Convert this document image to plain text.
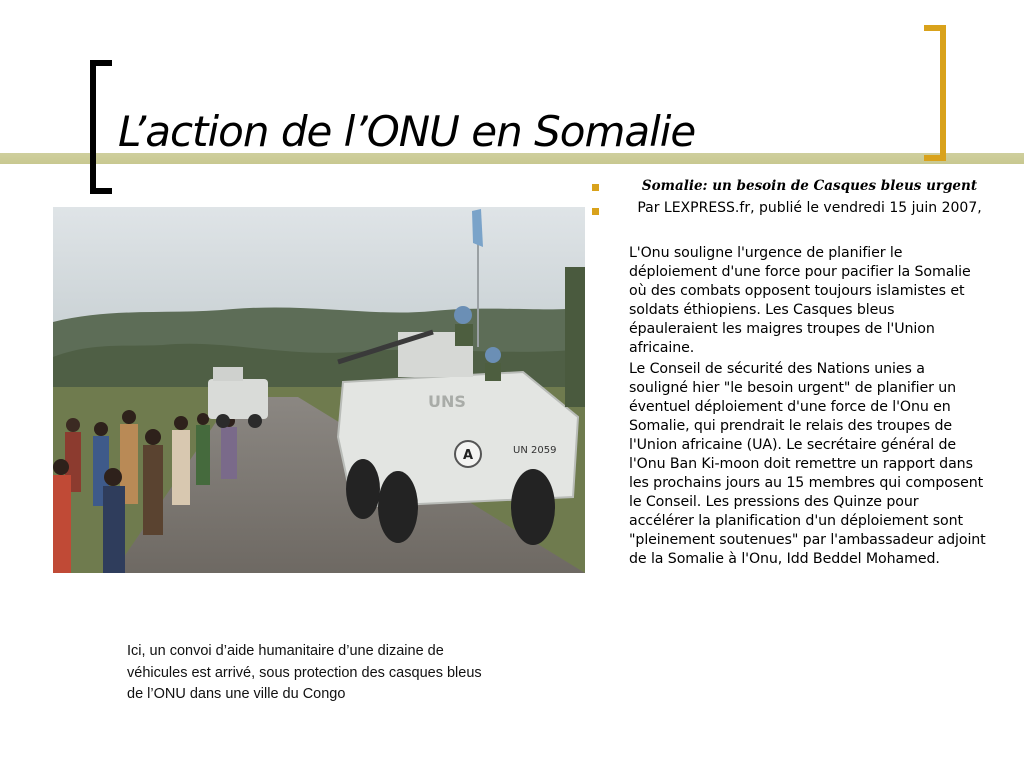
L’action de l’ONU en Somalie
A	UN 2059
UNS
Ici, un convoi d’aide humanitaire d’une dizaine de véhicules est arrivé, sous protection des casques bleus de l’ONU dans une ville du Congo
Somalie: un besoin de Casques bleus urgent
Par LEXPRESS.fr, publié le vendredi 15 juin 2007,
L'Onu souligne l'urgence de planifier le déploiement d'une force pour pacifier la Somalie où des combats opposent toujours islamistes et soldats éthiopiens. Les Casques bleus épauleraient les maigres troupes de l'Union africaine.
Le Conseil de sécurité des Nations unies a souligné hier "le besoin urgent" de planifier un éventuel déploiement d'une force de l'Onu en Somalie, qui prendrait le relais des troupes de l'Union africaine (UA). Le secrétaire général de l'Onu Ban Ki-moon doit remettre un rapport dans les prochains jours au 15 membres qui composent le Conseil. Les pressions des Quinze pour accélérer la planification d'un déploiement sont "pleinement soutenues" par l'ambassadeur adjoint de la Somalie à l'Onu, Idd Beddel Mohamed.
